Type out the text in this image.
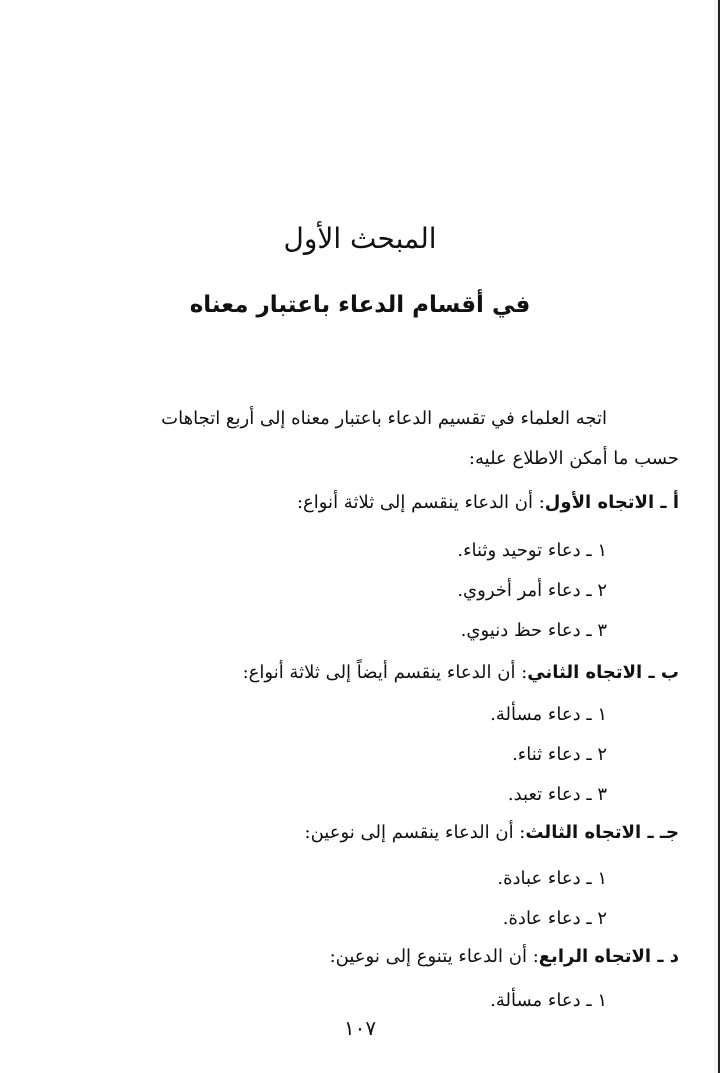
المبحث الأول
في أقسام الدعاء باعتبار معناه
اتجه العلماء في تقسيم الدعاء باعتبار معناه إلى أربع اتجاهات
حسب ما أمكن الاطلاع عليه:
أ ـ الاتجاه الأول: أن الدعاء ينقسم إلى ثلاثة أنواع:
١ ـ دعاء توحيد وثناء.
٢ ـ دعاء أمر أخروي.
٣ ـ دعاء حظ دنيوي.
ب ـ الاتجاه الثاني: أن الدعاء ينقسم أيضاً إلى ثلاثة أنواع:
١ ـ دعاء مسألة.
٢ ـ دعاء ثناء.
٣ ـ دعاء تعبد.
جـ ـ الاتجاه الثالث: أن الدعاء ينقسم إلى نوعين:
١ ـ دعاء عبادة.
٢ ـ دعاء عادة.
د ـ الاتجاه الرابع: أن الدعاء يتنوع إلى نوعين:
١ ـ دعاء مسألة.
١٠٧
